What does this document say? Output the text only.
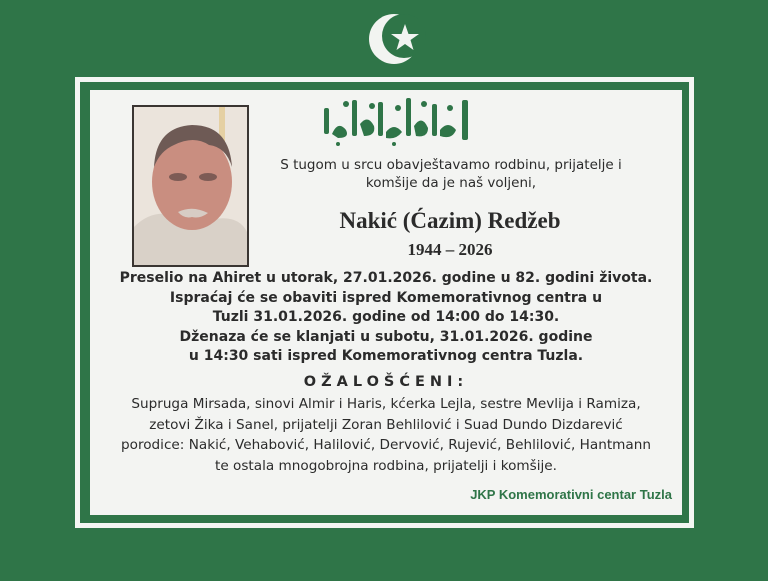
S tugom u srcu obavještavamo rodbinu, prijatelje i
komšije da je naš voljeni,
Nakić (Ćazim) Redžeb
1944 – 2026
Preselio na Ahiret u utorak, 27.01.2026. godine u 82. godini života.
Ispraćaj će se obaviti ispred Komemorativnog centra u
Tuzli 31.01.2026. godine od 14:00 do 14:30.
Dženaza će se klanjati u subotu, 31.01.2026. godine
u 14:30 sati ispred Komemorativnog centra Tuzla.
OŽALOŠĆENI:
Supruga Mirsada, sinovi Almir i Haris, kćerka Lejla, sestre Mevlija i Ramiza,
zetovi Žika i Sanel, prijatelji Zoran Behlilović i Suad Dundo Dizdarević
porodice: Nakić, Vehabović, Halilović, Dervović, Rujević, Behlilović, Hantmann
te ostala mnogobrojna rodbina, prijatelji i komšije.
JKP Komemorativni centar Tuzla
